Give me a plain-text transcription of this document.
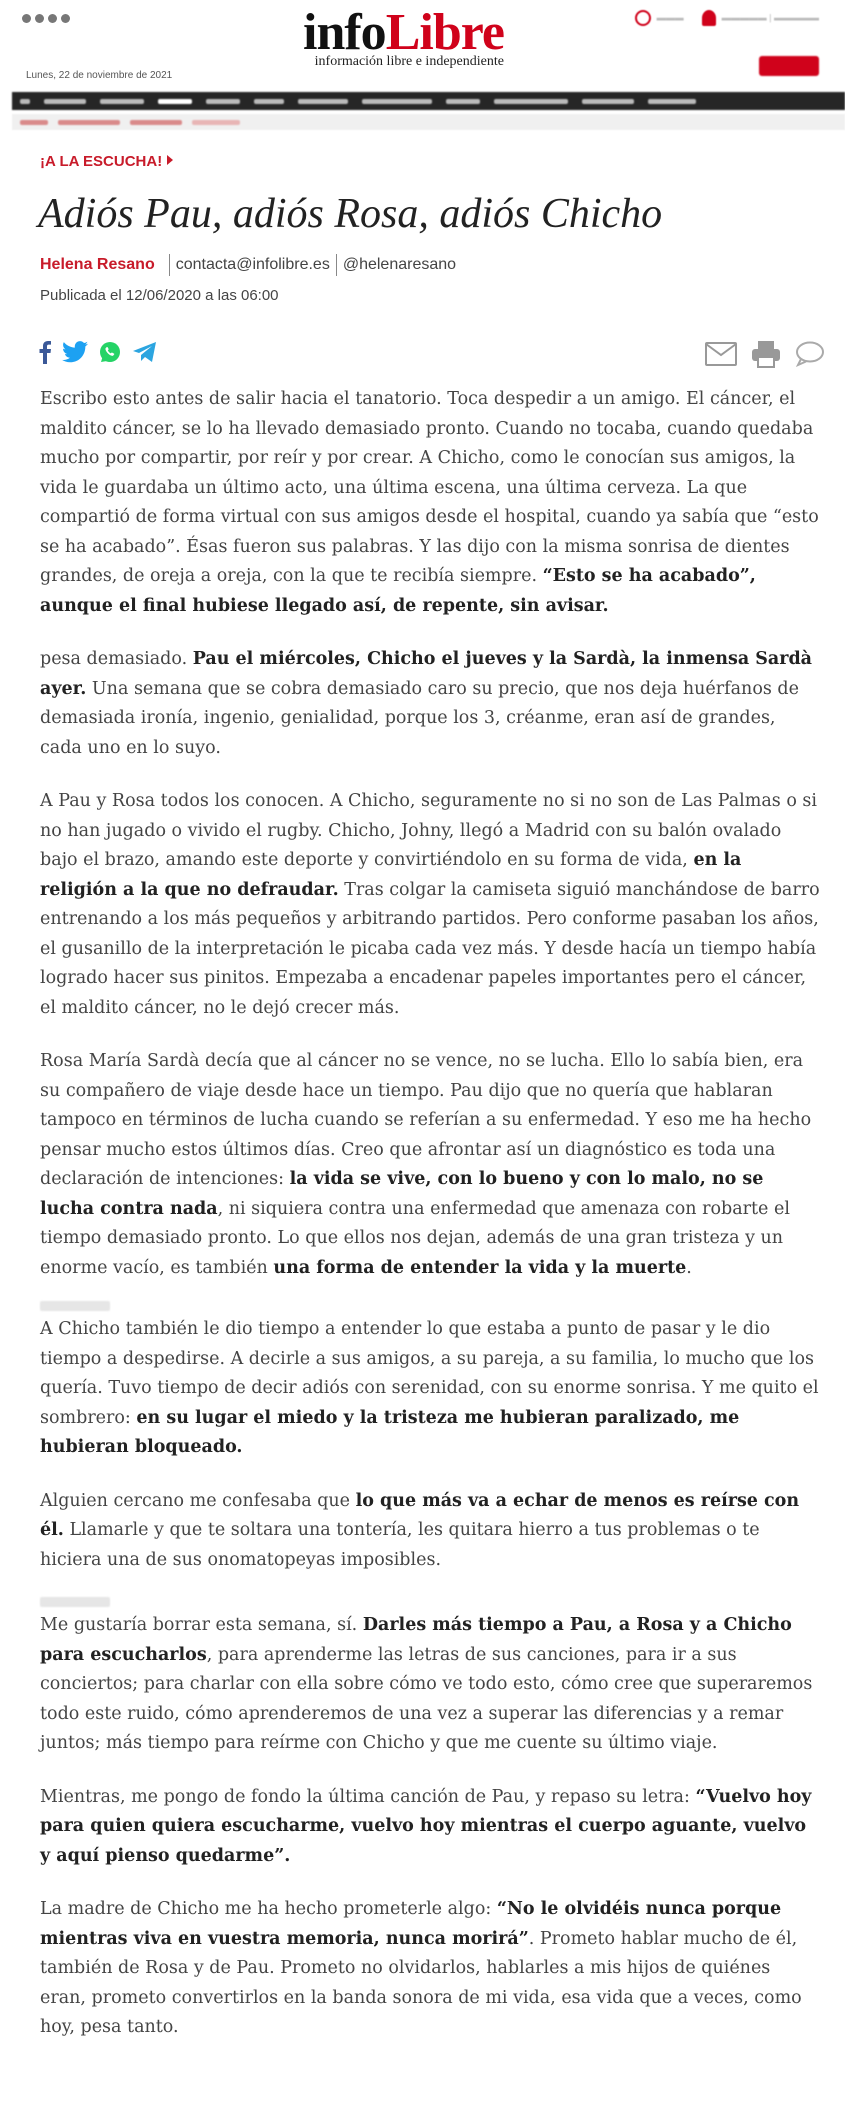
infoLibre
información libre e independiente
▬▬▬	▬▬▬▬▬ | ▬▬▬▬▬
Lunes, 22 de noviembre de 2021
¡A LA ESCUCHA!
Adiós Pau, adiós Rosa, adiós Chicho
Helena Resano contacta@infolibre.es @helenaresano
Publicada el 12/06/2020 a las 06:00

Escribo esto antes de salir hacia el tanatorio. Toca despedir a un amigo. El cáncer, el maldito cáncer, se lo ha llevado demasiado pronto. Cuando no tocaba, cuando quedaba mucho por compartir, por reír y por crear. A Chicho, como le conocían sus amigos, la vida le guardaba un último acto, una última escena, una última cerveza. La que compartió de forma virtual con sus amigos desde el hospital, cuando ya sabía que “esto se ha acabado”. Ésas fueron sus palabras. Y las dijo con la misma sonrisa de dientes grandes, de oreja a oreja, con la que te recibía siempre. “Esto se ha acabado”, aunque el final hubiese llegado así, de repente, sin avisar.

pesa demasiado. Pau el miércoles, Chicho el jueves y la Sardà, la inmensa Sardà ayer. Una semana que se cobra demasiado caro su precio, que nos deja huérfanos de demasiada ironía, ingenio, genialidad, porque los 3, créanme, eran así de grandes, cada uno en lo suyo.

A Pau y Rosa todos los conocen. A Chicho, seguramente no si no son de Las Palmas o si no han jugado o vivido el rugby. Chicho, Johny, llegó a Madrid con su balón ovalado bajo el brazo, amando este deporte y convirtiéndolo en su forma de vida, en la religión a la que no defraudar. Tras colgar la camiseta siguió manchándose de barro entrenando a los más pequeños y arbitrando partidos. Pero conforme pasaban los años, el gusanillo de la interpretación le picaba cada vez más. Y desde hacía un tiempo había logrado hacer sus pinitos. Empezaba a encadenar papeles importantes pero el cáncer, el maldito cáncer, no le dejó crecer más.

Rosa María Sardà decía que al cáncer no se vence, no se lucha. Ello lo sabía bien, era su compañero de viaje desde hace un tiempo. Pau dijo que no quería que hablaran tampoco en términos de lucha cuando se referían a su enfermedad. Y eso me ha hecho pensar mucho estos últimos días. Creo que afrontar así un diagnóstico es toda una declaración de intenciones: la vida se vive, con lo bueno y con lo malo, no se lucha contra nada, ni siquiera contra una enfermedad que amenaza con robarte el tiempo demasiado pronto. Lo que ellos nos dejan, además de una gran tristeza y un enorme vacío, es también una forma de entender la vida y la muerte.

A Chicho también le dio tiempo a entender lo que estaba a punto de pasar y le dio tiempo a despedirse. A decirle a sus amigos, a su pareja, a su familia, lo mucho que los quería. Tuvo tiempo de decir adiós con serenidad, con su enorme sonrisa. Y me quito el sombrero: en su lugar el miedo y la tristeza me hubieran paralizado, me hubieran bloqueado.

Alguien cercano me confesaba que lo que más va a echar de menos es reírse con él. Llamarle y que te soltara una tontería, les quitara hierro a tus problemas o te hiciera una de sus onomatopeyas imposibles.

Me gustaría borrar esta semana, sí. Darles más tiempo a Pau, a Rosa y a Chicho para escucharlos, para aprenderme las letras de sus canciones, para ir a sus conciertos; para charlar con ella sobre cómo ve todo esto, cómo cree que superaremos todo este ruido, cómo aprenderemos de una vez a superar las diferencias y a remar juntos; más tiempo para reírme con Chicho y que me cuente su último viaje.

Mientras, me pongo de fondo la última canción de Pau, y repaso su letra: “Vuelvo hoy para quien quiera escucharme, vuelvo hoy mientras el cuerpo aguante, vuelvo y aquí pienso quedarme”.

La madre de Chicho me ha hecho prometerle algo: “No le olvidéis nunca porque mientras viva en vuestra memoria, nunca morirá”. Prometo hablar mucho de él, también de Rosa y de Pau. Prometo no olvidarlos, hablarles a mis hijos de quiénes eran, prometo convertirlos en la banda sonora de mi vida, esa vida que a veces, como hoy, pesa tanto.
